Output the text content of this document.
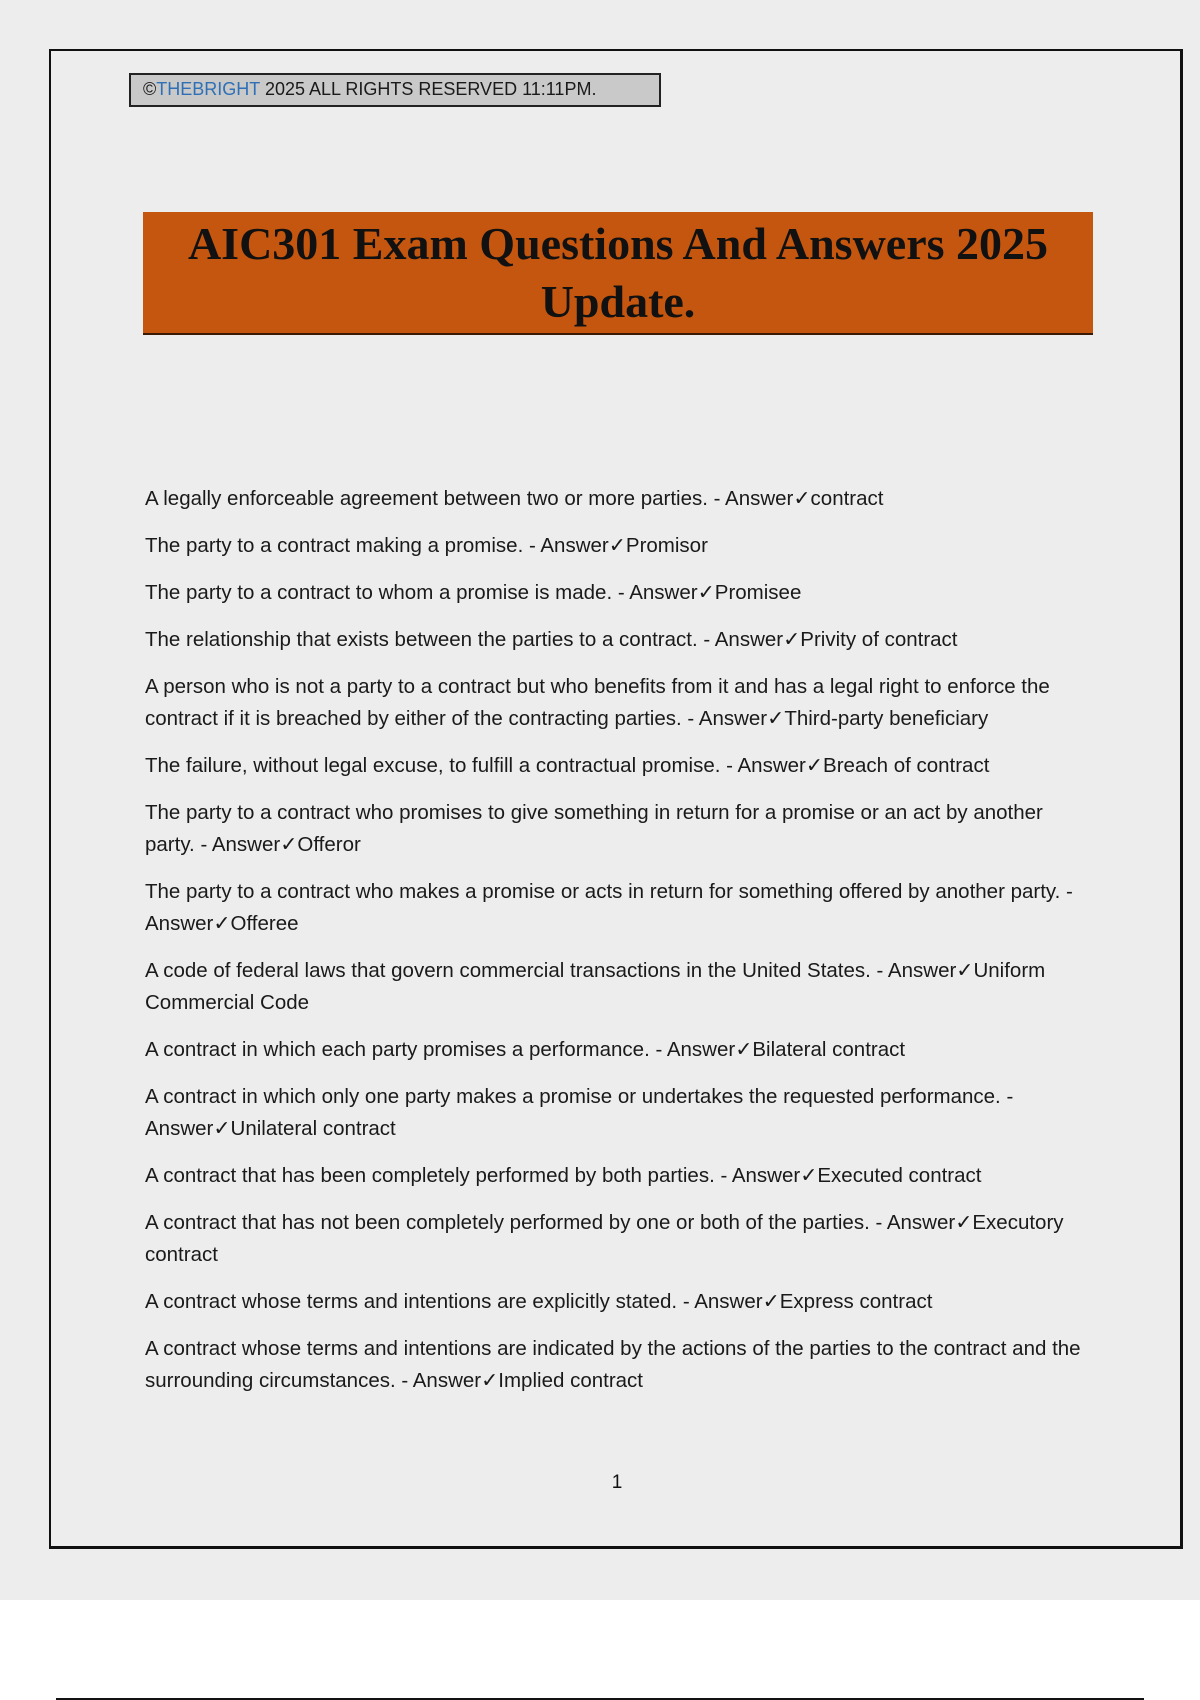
©THEBRIGHT 2025 ALL RIGHTS RESERVED 11:11PM.
AIC301 Exam Questions And Answers 2025
Update.
A legally enforceable agreement between two or more parties. - Answer✓contract
The party to a contract making a promise. - Answer✓Promisor
The party to a contract to whom a promise is made. - Answer✓Promisee
The relationship that exists between the parties to a contract. - Answer✓Privity of contract
A person who is not a party to a contract but who benefits from it and has a legal right to enforce the contract if it is breached by either of the contracting parties. - Answer✓Third-party beneficiary
The failure, without legal excuse, to fulfill a contractual promise. - Answer✓Breach of contract
The party to a contract who promises to give something in return for a promise or an act by another party. - Answer✓Offeror
The party to a contract who makes a promise or acts in return for something offered by another party. - Answer✓Offeree
A code of federal laws that govern commercial transactions in the United States. - Answer✓Uniform Commercial Code
A contract in which each party promises a performance. - Answer✓Bilateral contract
A contract in which only one party makes a promise or undertakes the requested performance. - Answer✓Unilateral contract
A contract that has been completely performed by both parties. - Answer✓Executed contract
A contract that has not been completely performed by one or both of the parties. - Answer✓Executory contract
A contract whose terms and intentions are explicitly stated. - Answer✓Express contract
A contract whose terms and intentions are indicated by the actions of the parties to the contract and the surrounding circumstances. - Answer✓Implied contract
1
